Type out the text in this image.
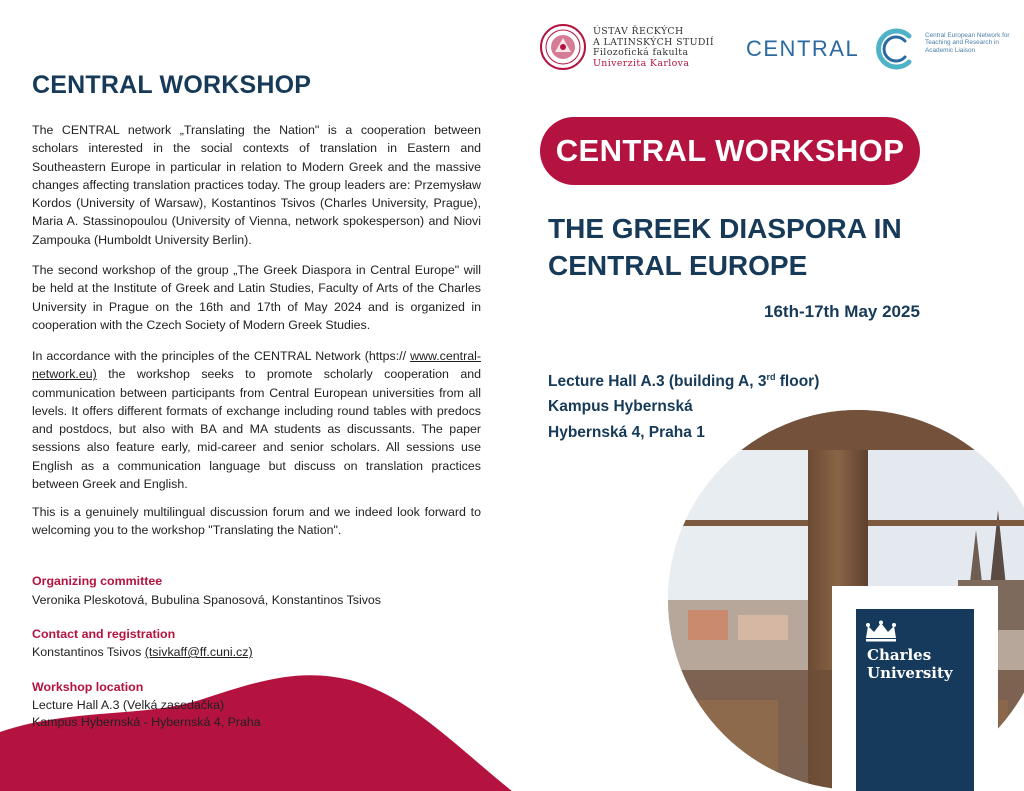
CENTRAL WORKSHOP

The CENTRAL network „Translating the Nation" is a cooperation between scholars interested in the social contexts of translation in Eastern and Southeastern Europe in particular in relation to Modern Greek and the massive changes affecting translation practices today. The group leaders are: Przemysław Kordos (University of Warsaw), Kostantinos Tsivos (Charles University, Prague), Maria A. Stassinopoulou (University of Vienna, network spokesperson) and Niovi Zampouka (Humboldt University Berlin).

The second workshop of the group „The Greek Diaspora in Central Europe" will be held at the Institute of Greek and Latin Studies, Faculty of Arts of the Charles University in Prague on the 16th and 17th of May 2024 and is organized in cooperation with the Czech Society of Modern Greek Studies.

In accordance with the principles of the CENTRAL Network (https:// www.central-network.eu) the workshop seeks to promote scholarly cooperation and communication between participants from Central European universities from all levels. It offers different formats of exchange including round tables with predocs and postdocs, but also with BA and MA students as discussants. The paper sessions also feature early, mid-career and senior scholars. All sessions use English as a communication language but discuss on translation practices between Greek and English.

This is a genuinely multilingual discussion forum and we indeed look forward to welcoming you to the workshop "Translating the Nation".

Organizing committee
Veronika Pleskotová, Bubulina Spanosová, Konstantinos Tsivos
Contact and registration
Konstantinos Tsivos (tsivkaff@ff.cuni.cz)
Workshop location
Lecture Hall A.3 (Velká zasedačka)
Kampus Hybernská - Hybernská 4, Praha
ÚSTAV ŘECKÝCH
A LATINSKÝCH STUDIÍ
Filozofická fakulta
Univerzita Karlova
CENTRAL
Central European Network for Teaching and Research in Academic Liaison
CENTRAL WORKSHOP
THE GREEK DIASPORA IN
CENTRAL EUROPE
16th-17th May 2025
Lecture Hall A.3 (building A, 3rd floor)
Kampus Hybernská
Hybernská 4, Praha 1
Charles
University
